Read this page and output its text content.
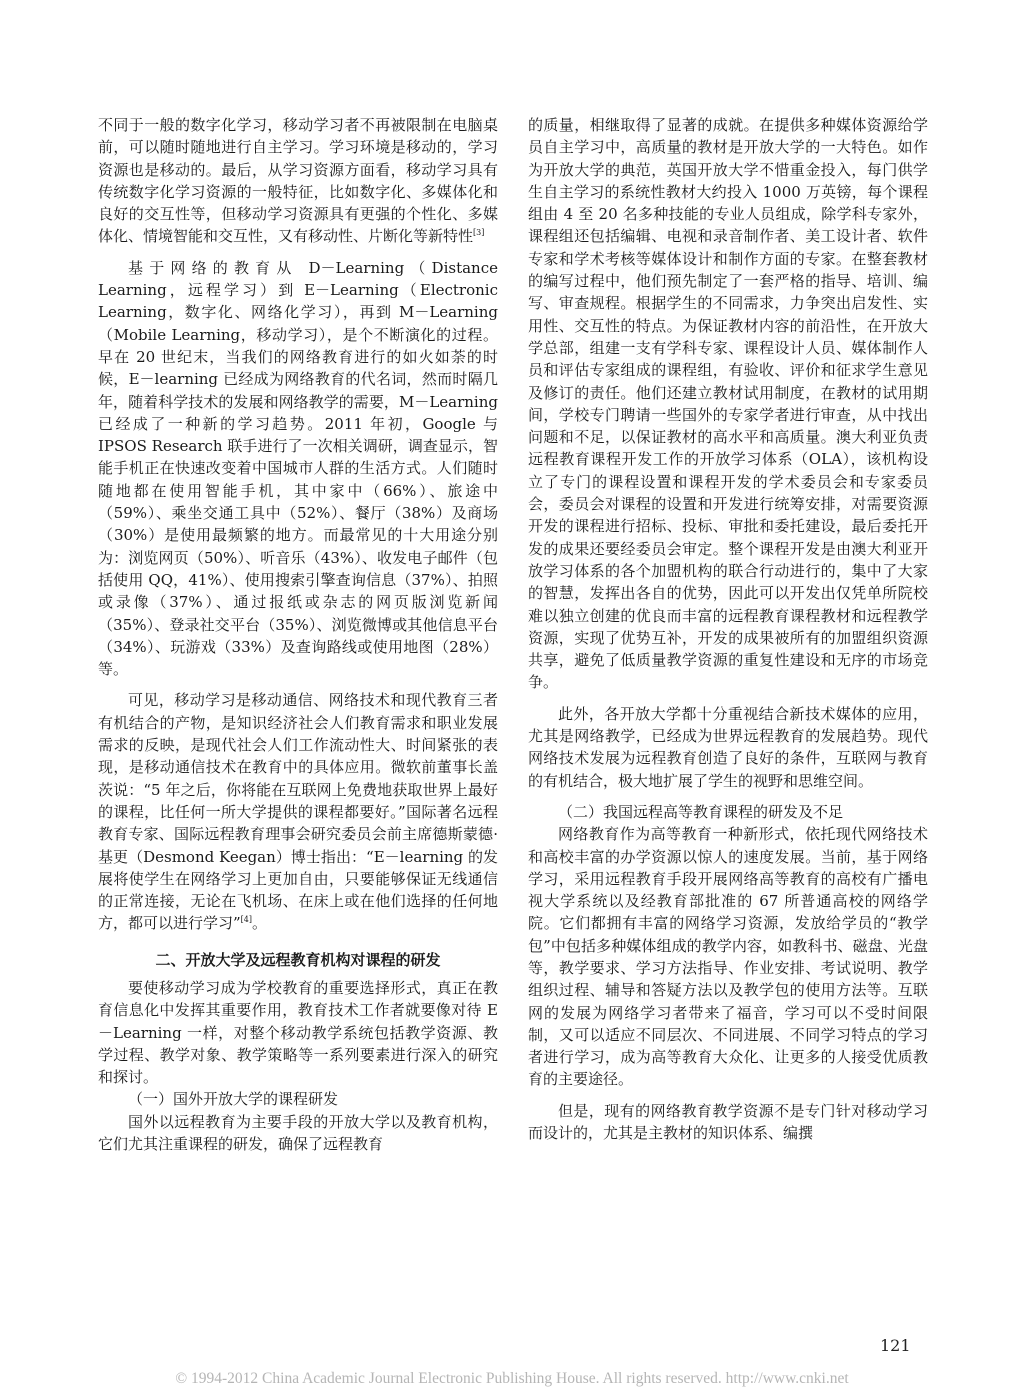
不同于一般的数字化学习，移动学习者不再被限制在电脑桌前，可以随时随地进行自主学习。学习环境是移动的，学习资源也是移动的。最后，从学习资源方面看，移动学习具有传统数字化学习资源的一般特征，比如数字化、多媒体化和良好的交互性等，但移动学习资源具有更强的个性化、多媒体化、情境智能和交互性，又有移动性、片断化等新特性[3]

基于网络的教育从 D－Learning（Distance Learning，远程学习）到 E－Learning（Electronic Learning，数字化、网络化学习），再到 M－Learning（Mobile Learning，移动学习），是个不断演化的过程。早在 20 世纪末，当我们的网络教育进行的如火如荼的时候，E－learning 已经成为网络教育的代名词，然而时隔几年，随着科学技术的发展和网络教学的需要，M－Learning 已经成了一种新的学习趋势。2011 年初，Google 与 IPSOS Research 联手进行了一次相关调研，调查显示，智能手机正在快速改变着中国城市人群的生活方式。人们随时随地都在使用智能手机，其中家中（66%）、旅途中（59%）、乘坐交通工具中（52%）、餐厅（38%）及商场（30%）是使用最频繁的地方。而最常见的十大用途分别为：浏览网页（50%）、听音乐（43%）、收发电子邮件（包括使用 QQ，41%）、使用搜索引擎查询信息（37%）、拍照或录像（37%）、通过报纸或杂志的网页版浏览新闻（35%）、登录社交平台（35%）、浏览微博或其他信息平台（34%）、玩游戏（33%）及查询路线或使用地图（28%）等。

可见，移动学习是移动通信、网络技术和现代教育三者有机结合的产物，是知识经济社会人们教育需求和职业发展需求的反映，是现代社会人们工作流动性大、时间紧张的表现，是移动通信技术在教育中的具体应用。微软前董事长盖茨说：“5 年之后，你将能在互联网上免费地获取世界上最好的课程，比任何一所大学提供的课程都要好。”国际著名远程教育专家、国际远程教育理事会研究委员会前主席德斯蒙德·基更（Desmond Keegan）博士指出：“E－learning 的发展将使学生在网络学习上更加自由，只要能够保证无线通信的正常连接，无论在飞机场、在床上或在他们选择的任何地方，都可以进行学习”[4]。

二、开放大学及远程教育机构对课程的研发

要使移动学习成为学校教育的重要选择形式，真正在教育信息化中发挥其重要作用，教育技术工作者就要像对待 E－Learning 一样，对整个移动教学系统包括教学资源、教学过程、教学对象、教学策略等一系列要素进行深入的研究和探讨。

（一）国外开放大学的课程研发

国外以远程教育为主要手段的开放大学以及教育机构，它们尤其注重课程的研发，确保了远程教育

的质量，相继取得了显著的成就。在提供多种媒体资源给学员自主学习中，高质量的教材是开放大学的一大特色。如作为开放大学的典范，英国开放大学不惜重金投入，每门供学生自主学习的系统性教材大约投入 1000 万英镑，每个课程组由 4 至 20 名多种技能的专业人员组成，除学科专家外，课程组还包括编辑、电视和录音制作者、美工设计者、软件专家和学术考核等媒体设计和制作方面的专家。在整套教材的编写过程中，他们预先制定了一套严格的指导、培训、编写、审查规程。根据学生的不同需求，力争突出启发性、实用性、交互性的特点。为保证教材内容的前沿性，在开放大学总部，组建一支有学科专家、课程设计人员、媒体制作人员和评估专家组成的课程组，有验收、评价和征求学生意见及修订的责任。他们还建立教材试用制度，在教材的试用期间，学校专门聘请一些国外的专家学者进行审查，从中找出问题和不足，以保证教材的高水平和高质量。澳大利亚负责远程教育课程开发工作的开放学习体系（OLA），该机构设立了专门的课程设置和课程开发的学术委员会和专家委员会，委员会对课程的设置和开发进行统筹安排，对需要资源开发的课程进行招标、投标、审批和委托建设，最后委托开发的成果还要经委员会审定。整个课程开发是由澳大利亚开放学习体系的各个加盟机构的联合行动进行的，集中了大家的智慧，发挥出各自的优势，因此可以开发出仅凭单所院校难以独立创建的优良而丰富的远程教育课程教材和远程教学资源，实现了优势互补，开发的成果被所有的加盟组织资源共享，避免了低质量教学资源的重复性建设和无序的市场竞争。

此外，各开放大学都十分重视结合新技术媒体的应用，尤其是网络教学，已经成为世界远程教育的发展趋势。现代网络技术发展为远程教育创造了良好的条件，互联网与教育的有机结合，极大地扩展了学生的视野和思维空间。

（二）我国远程高等教育课程的研发及不足

网络教育作为高等教育一种新形式，依托现代网络技术和高校丰富的办学资源以惊人的速度发展。当前，基于网络学习，采用远程教育手段开展网络高等教育的高校有广播电视大学系统以及经教育部批准的 67 所普通高校的网络学院。它们都拥有丰富的网络学习资源，发放给学员的“教学包”中包括多种媒体组成的教学内容，如教科书、磁盘、光盘等，教学要求、学习方法指导、作业安排、考试说明、教学组织过程、辅导和答疑方法以及教学包的使用方法等。互联网的发展为网络学习者带来了福音，学习可以不受时间限制，又可以适应不同层次、不同进展、不同学习特点的学习者进行学习，成为高等教育大众化、让更多的人接受优质教育的主要途径。

但是，现有的网络教育教学资源不是专门针对移动学习而设计的，尤其是主教材的知识体系、编撰

121
© 1994-2012 China Academic Journal Electronic Publishing House. All rights reserved. http://www.cnki.net
